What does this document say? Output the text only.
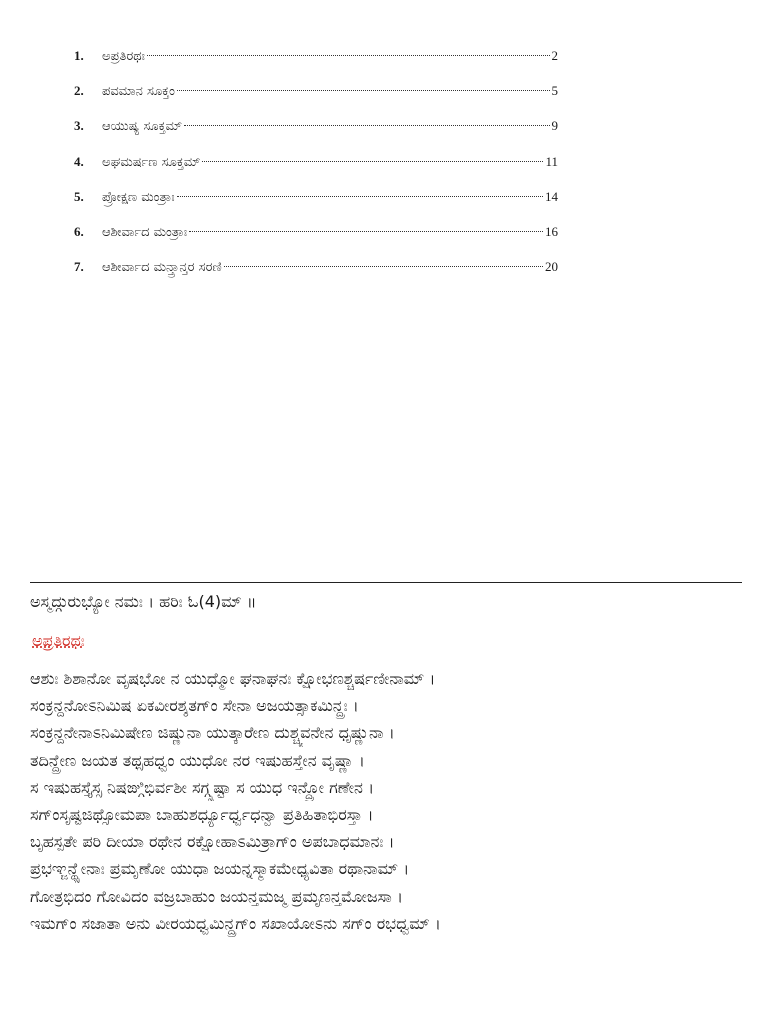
1.	ಅಪ್ರತಿರಥಃ	2
2.	ಪವಮಾನ ಸೂಕ್ತಂ	5
3.	ಆಯುಷ್ಯ ಸೂಕ್ತಮ್	9
4.	ಅಘಮರ್ಷಣ ಸೂಕ್ತಮ್	11
5.	ಪ್ರೋಕ್ಷಣ ಮಂತ್ರಾಃ	14
6.	ಆಶೀರ್ವಾದ ಮಂತ್ರಾಃ	16
7.	ಆಶೀರ್ವಾದ ಮನ್ತ್ರಾನ್ತರ ಸರಣಿ	20
ಅಸ್ಮದ್ಗುರುಭ್ಯೋ ನಮಃ । ಹರಿಃ ಓ(4)ಮ್ ॥
ಅಪ್ರತಿರಥಃ
ಆಶುಃ ಶಿಶಾನೋ ವೃಷಭೋ ನ ಯುಧ್ಮೋ ಘನಾಘನಃ ಕ್ಷೋಭಣಶ್ಚರ್ಷಣೀನಾಮ್ ।
ಸಂಕ್ರನ್ದನೋಽನಿಮಿಷ ಏಕವೀರಶ್ಶತಗ್ಂ ಸೇನಾ ಅಜಯತ್ಸಾಕಮಿನ್ದ್ರಃ ।
ಸಂಕ್ರನ್ದನೇನಾಽನಿಮಿಷೇಣ ಜಿಷ್ಣುನಾ ಯುತ್ಕಾರೇಣ ದುಶ್ಚ್ಯವನೇನ ಧೃಷ್ಣುನಾ ।
ತದಿನ್ದ್ರೇಣ ಜಯತ ತಥ್ಸಹಧ್ವಂ ಯುಧೋ ನರ ಇಷುಹಸ್ತೇನ ವೃಷ್ಣಾ ।
ಸ ಇಷುಹಸ್ತೈಸ್ಸ ನಿಷಙ್ಗಿಭಿರ್ವಶೀ ಸಗ್ಗ್ಸ್ರಷ್ಟಾ ಸ ಯುಧ ಇನ್ದ್ರೋ ಗಣೇನ ।
ಸಗ್ಂಸೃಷ್ಟಜಿಥ್ಸೋಮಪಾ ಬಾಹುಶರ್ಧ್ಯೂರ್ಧ್ವಧನ್ವಾ ಪ್ರತಿಹಿತಾಭಿರಸ್ತಾ ।
ಬೃಹಸ್ಪತೇ ಪರಿ ದೀಯಾ ರಥೇನ ರಕ್ಷೋಹಾಽಮಿತ್ರಾಗ್ಂ ಅಪಬಾಧಮಾನಃ ।
ಪ್ರಭಞ್ಜನ್ಥ್ಸೇನಾಃ ಪ್ರಮೃಣೋ ಯುಧಾ ಜಯನ್ನಸ್ಮಾಕಮೇಧ್ಯವಿತಾ ರಥಾನಾಮ್ ।
ಗೋತ್ರಭಿದಂ ಗೋವಿದಂ ವಜ್ರಬಾಹುಂ ಜಯನ್ತಮಜ್ಮ ಪ್ರಮೃಣನ್ತಮೋಜಸಾ ।
ಇಮಗ್ಂ ಸಜಾತಾ ಅನು ವೀರಯಧ್ವಮಿನ್ದ್ರಗ್ಂ ಸಖಾಯೋಽನು ಸಗ್ಂ ರಭಧ್ವಮ್ ।
